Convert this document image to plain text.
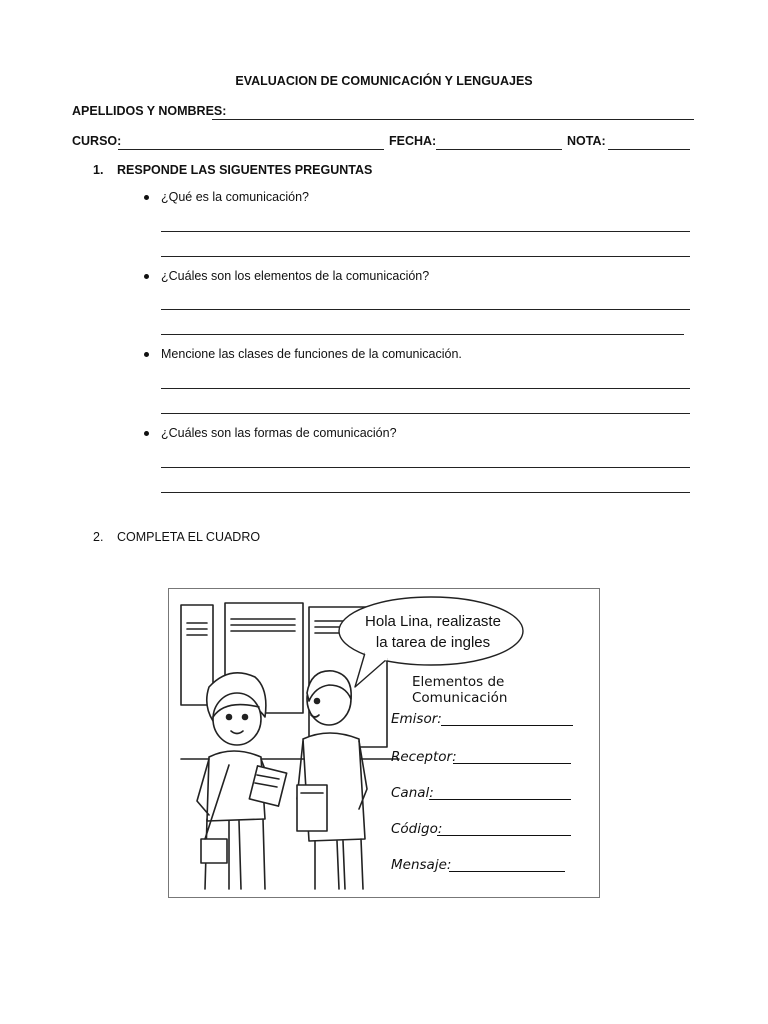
EVALUACION DE COMUNICACIÓN Y LENGUAJES
APELLIDOS Y NOMBRES:
CURSO:	FECHA:	NOTA:
1. RESPONDE LAS SIGUENTES PREGUNTAS
¿Qué es la comunicación?
¿Cuáles son los elementos de la comunicación?
Mencione las clases de funciones de la comunicación.
¿Cuáles son las formas de comunicación?
2. COMPLETA EL CUADRO
Hola Lina, realizaste
la tarea de ingles
Elementos de Comunicación
Emisor:
Receptor:
Canal:
Código:
Mensaje:
